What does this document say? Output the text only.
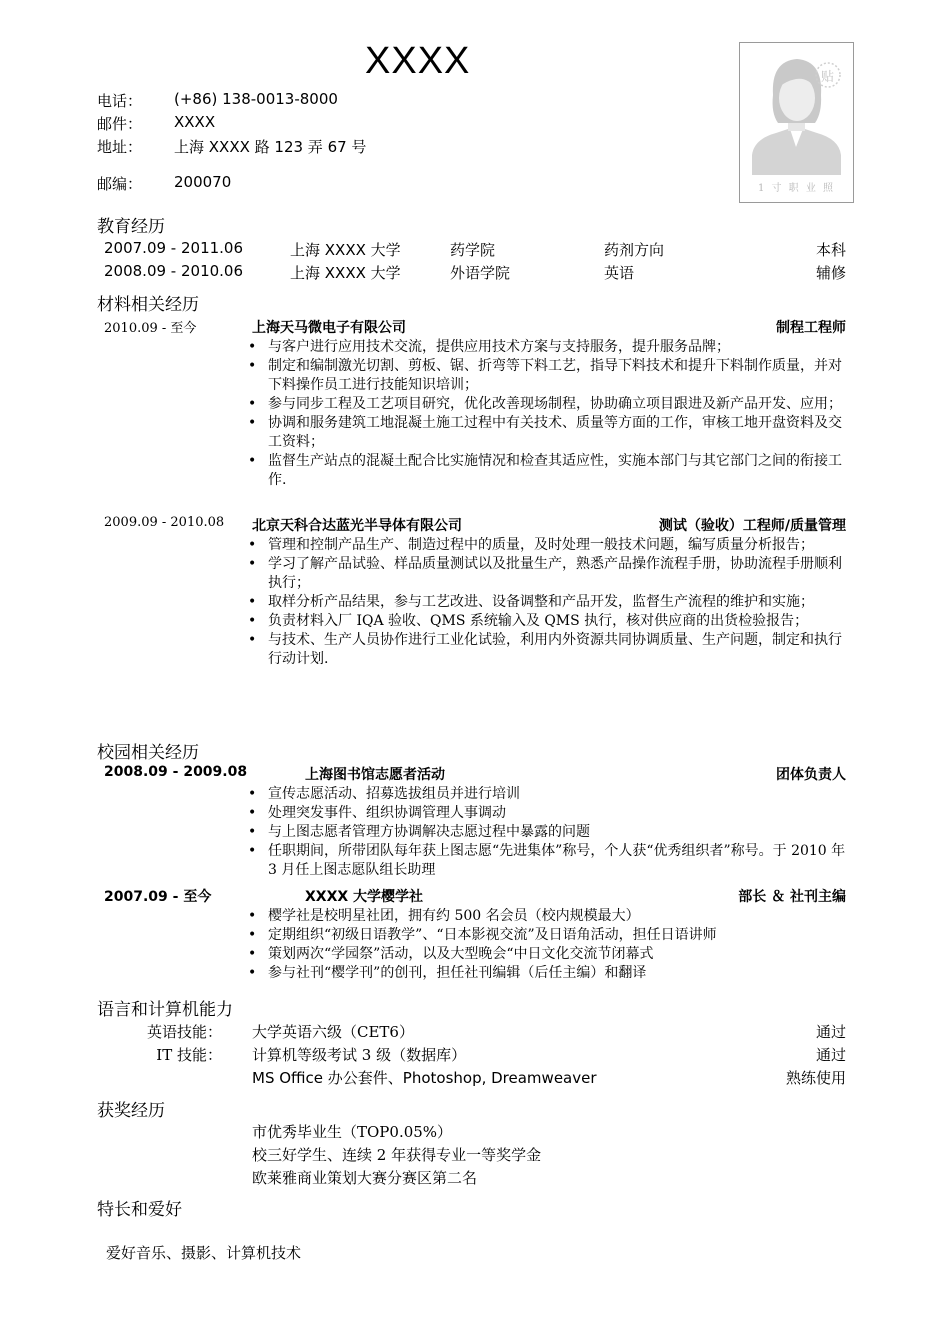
XXXX
电话： (+86) 138-0013-8000
邮件： XXXX
地址： 上海 XXXX 路 123 弄 67 号
邮编： 200070
贴
1 寸 职 业 照
教育经历
2007.09 - 2011.06	上海 XXXX 大学	药学院	药剂方向	本科
2008.09 - 2010.06	上海 XXXX 大学	外语学院	英语	辅修
材料相关经历
2010.09 - 至今	上海天马微电子有限公司	制程工程师
• 与客户进行应用技术交流，提供应用技术方案与支持服务，提升服务品牌；
• 制定和编制激光切割、剪板、锯、折弯等下料工艺，指导下料技术和提升下料制作质量，并对下料操作员工进行技能知识培训；
• 参与同步工程及工艺项目研究，优化改善现场制程，协助确立项目跟进及新产品开发、应用；
• 协调和服务建筑工地混凝土施工过程中有关技术、质量等方面的工作，审核工地开盘资料及交工资料；
• 监督生产站点的混凝土配合比实施情况和检查其适应性，实施本部门与其它部门之间的衔接工作.
2009.09 - 2010.08 北京天科合达蓝光半导体有限公司	测试（验收）工程师/质量管理
• 管理和控制产品生产、制造过程中的质量，及时处理一般技术问题，编写质量分析报告；
• 学习了解产品试验、样品质量测试以及批量生产，熟悉产品操作流程手册，协助流程手册顺利执行；
• 取样分析产品结果，参与工艺改进、设备调整和产品开发，监督生产流程的维护和实施；
• 负责材料入厂 IQA 验收、QMS 系统输入及 QMS 执行，核对供应商的出货检验报告；
• 与技术、生产人员协作进行工业化试验，利用内外资源共同协调质量、生产问题，制定和执行行动计划.
校园相关经历
2008.09 - 2009.08	上海图书馆志愿者活动	团体负责人
• 宣传志愿活动、招募选拔组员并进行培训
• 处理突发事件、组织协调管理人事调动
• 与上图志愿者管理方协调解决志愿过程中暴露的问题
• 任职期间，所带团队每年获上图志愿“先进集体”称号，个人获“优秀组织者”称号。于 2010 年 3 月任上图志愿队组长助理
2007.09 - 至今	XXXX 大学樱学社	部长 ＆ 社刊主编
• 樱学社是校明星社团，拥有约 500 名会员（校内规模最大）
• 定期组织“初级日语教学”、“日本影视交流”及日语角活动，担任日语讲师
• 策划两次“学园祭”活动，以及大型晚会“中日文化交流节闭幕式
• 参与社刊“樱学刊”的创刊，担任社刊编辑（后任主编）和翻译
语言和计算机能力
英语技能： 大学英语六级（CET6）	通过
IT 技能： 计算机等级考试 3 级（数据库）	通过
MS Office 办公套件、Photoshop, Dreamweaver	熟练使用
获奖经历
市优秀毕业生（TOP0.05%）
校三好学生、连续 2 年获得专业一等奖学金
欧莱雅商业策划大赛分赛区第二名
特长和爱好
爱好音乐、摄影、计算机技术
